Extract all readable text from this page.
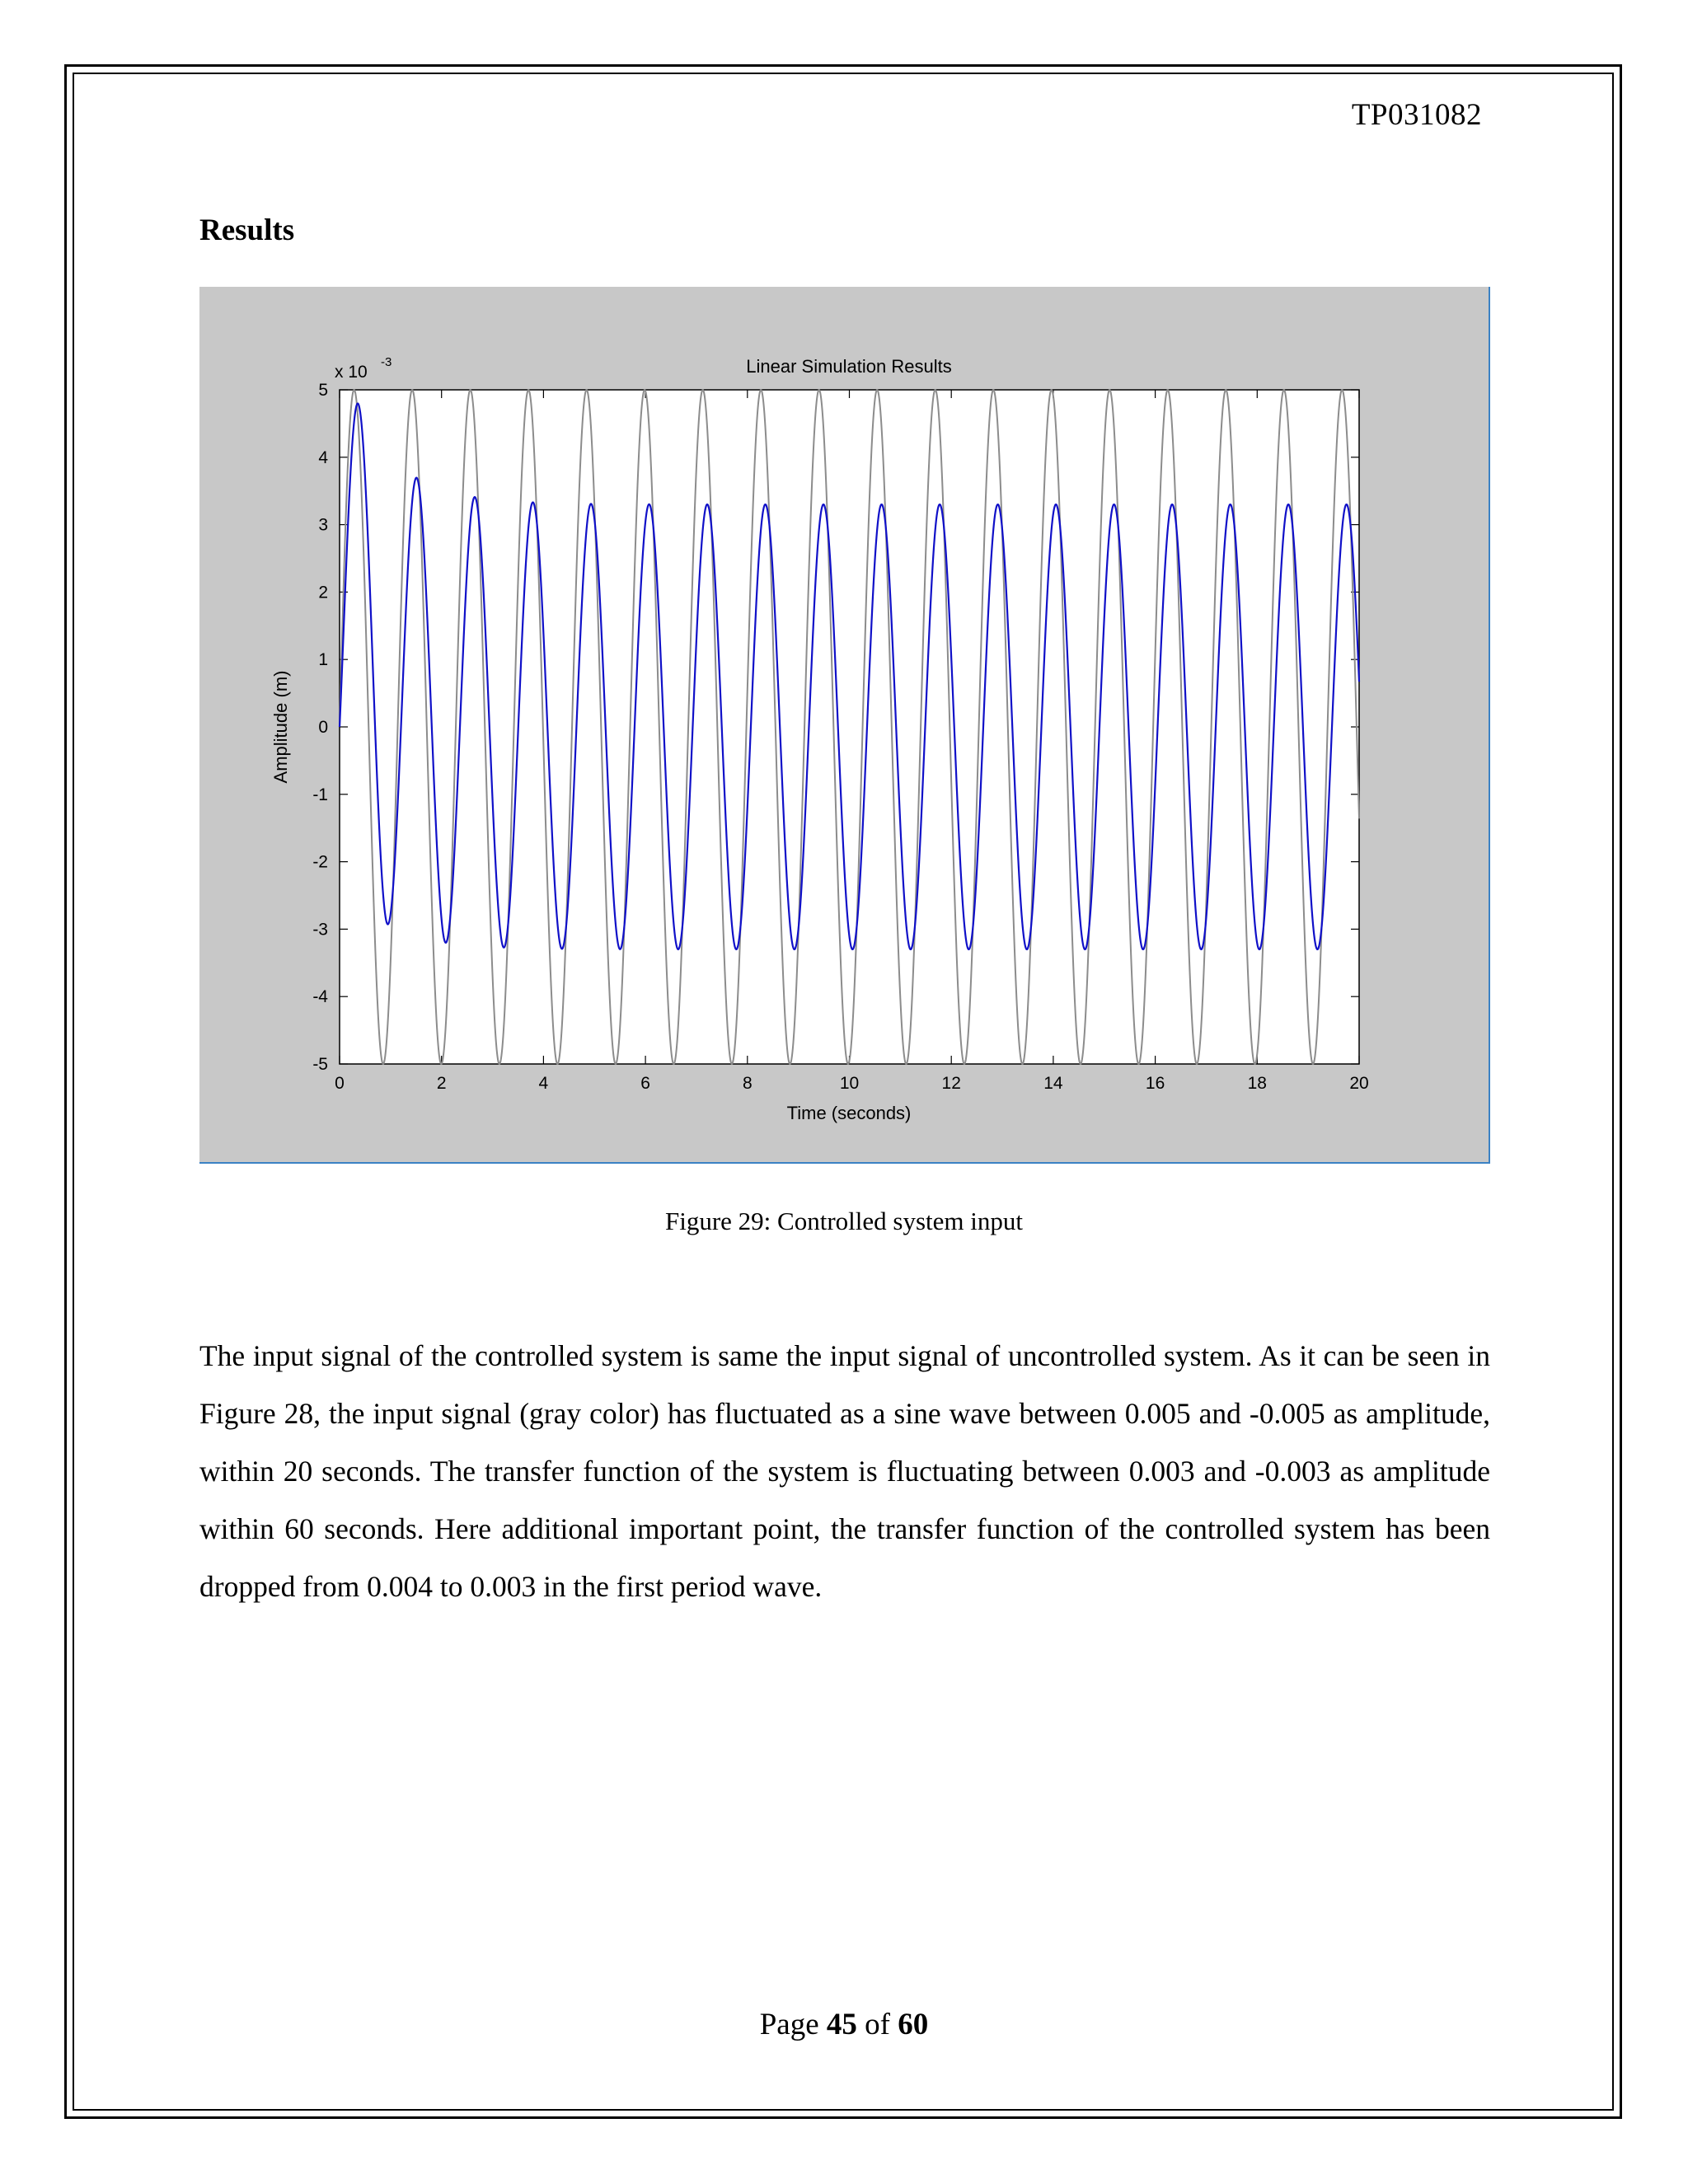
TP031082
Results
Linear Simulation Results
x 10
-3
Time (seconds)
Amplitude (m)
0	2	4	6	8	10	12	14	16	18	20
5
4
3
2
1
0
-1
-2
-3
-4
-5
Figure 29: Controlled system input
The input signal of the controlled system is same the input signal of uncontrolled system. As it can be seen in Figure 28, the input signal (gray color) has fluctuated as a sine wave between 0.005 and -0.005 as amplitude, within 20 seconds. The transfer function of the system is fluctuating between 0.003 and -0.003 as amplitude within 60 seconds. Here additional important point, the transfer function of the controlled system has been dropped from 0.004 to 0.003 in the first period wave.
Page 45 of 60
